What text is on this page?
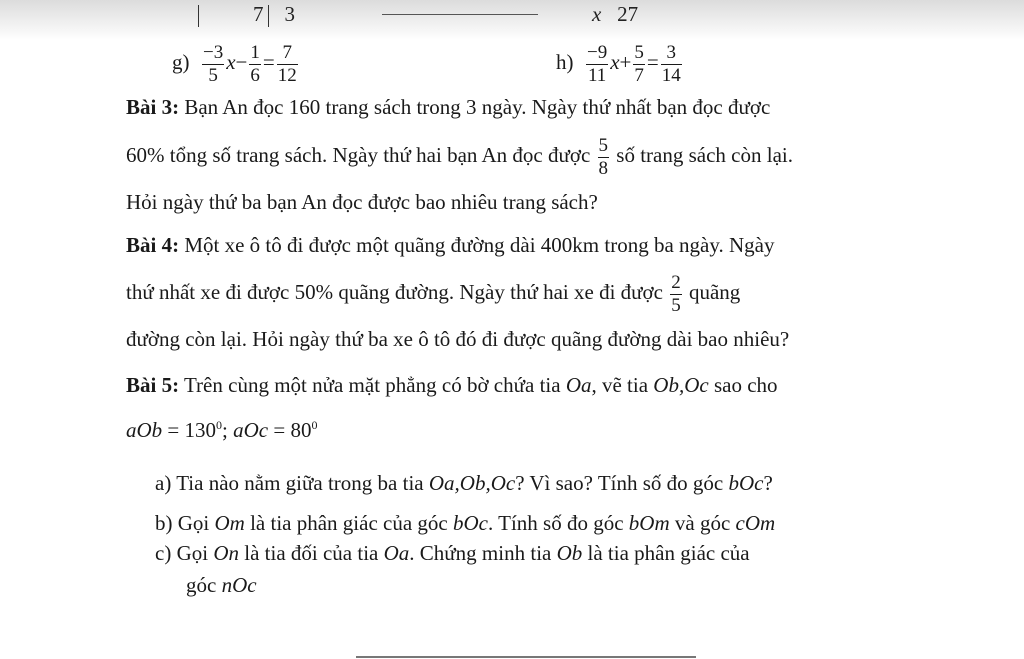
7 3	x 27
$g) \frac{-3}{5} x- \frac{1}{6} = \frac{7}{12}$	$h) \frac{-9}{11} x+ \frac{5}{7} = \frac{3}{14}$
Bài 3: Bạn An đọc 160 trang sách trong 3 ngày. Ngày thứ nhất bạn đọc được
60% tổng số trang sách. Ngày thứ hai bạn An đọc được $\frac{5}{8}$ số trang sách còn lại.
Hỏi ngày thứ ba bạn An đọc được bao nhiêu trang sách?
Bài 4: Một xe ô tô đi được một quãng đường dài 400km trong ba ngày. Ngày
thứ nhất xe đi được 50% quãng đường. Ngày thứ hai xe đi được $\frac{2}{5}$ quãng
đường còn lại. Hỏi ngày thứ ba xe ô tô đó đi được quãng đường dài bao nhiêu?
Bài 5: Trên cùng một nửa mặt phẳng có bờ chứa tia Oa, vẽ tia Ob,Oc sao cho
aOb = $130^0$; aOc = $80^0$
a) Tia nào nằm giữa trong ba tia Oa,Ob,Oc? Vì sao? Tính số đo góc bOc?
b) Gọi Om là tia phân giác của góc bOc. Tính số đo góc bOm và góc cOm
c) Gọi On là tia đối của tia Oa. Chứng minh tia Ob là tia phân giác của
góc nOc
